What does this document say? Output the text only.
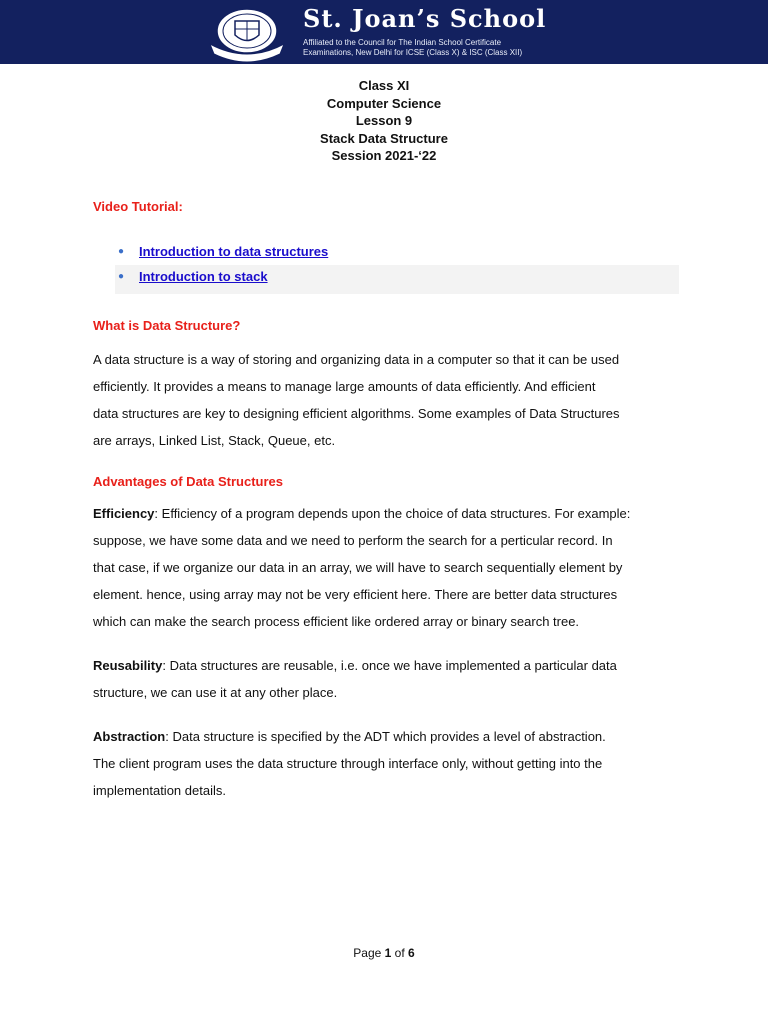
St. Joan’s School
Affiliated to the Council for The Indian School Certificate
Examinations, New Delhi for ICSE (Class X) & ISC (Class XII)
Class XI
Computer Science
Lesson 9
Stack Data Structure
Session 2021-‘22
Video Tutorial:
● Introduction to data structures
● Introduction to stack
What is Data Structure?

A data structure is a way of storing and organizing data in a computer so that it can be used
efficiently. It provides a means to manage large amounts of data efficiently. And efficient
data structures are key to designing efficient algorithms. Some examples of Data Structures
are arrays, Linked List, Stack, Queue, etc.

Advantages of Data Structures

Efficiency: Efficiency of a program depends upon the choice of data structures. For example:
suppose, we have some data and we need to perform the search for a perticular record. In
that case, if we organize our data in an array, we will have to search sequentially element by
element. hence, using array may not be very efficient here. There are better data structures
which can make the search process efficient like ordered array or binary search tree.

Reusability: Data structures are reusable, i.e. once we have implemented a particular data
structure, we can use it at any other place.

Abstraction: Data structure is specified by the ADT which provides a level of abstraction.
The client program uses the data structure through interface only, without getting into the
implementation details.

Page 1 of 6
